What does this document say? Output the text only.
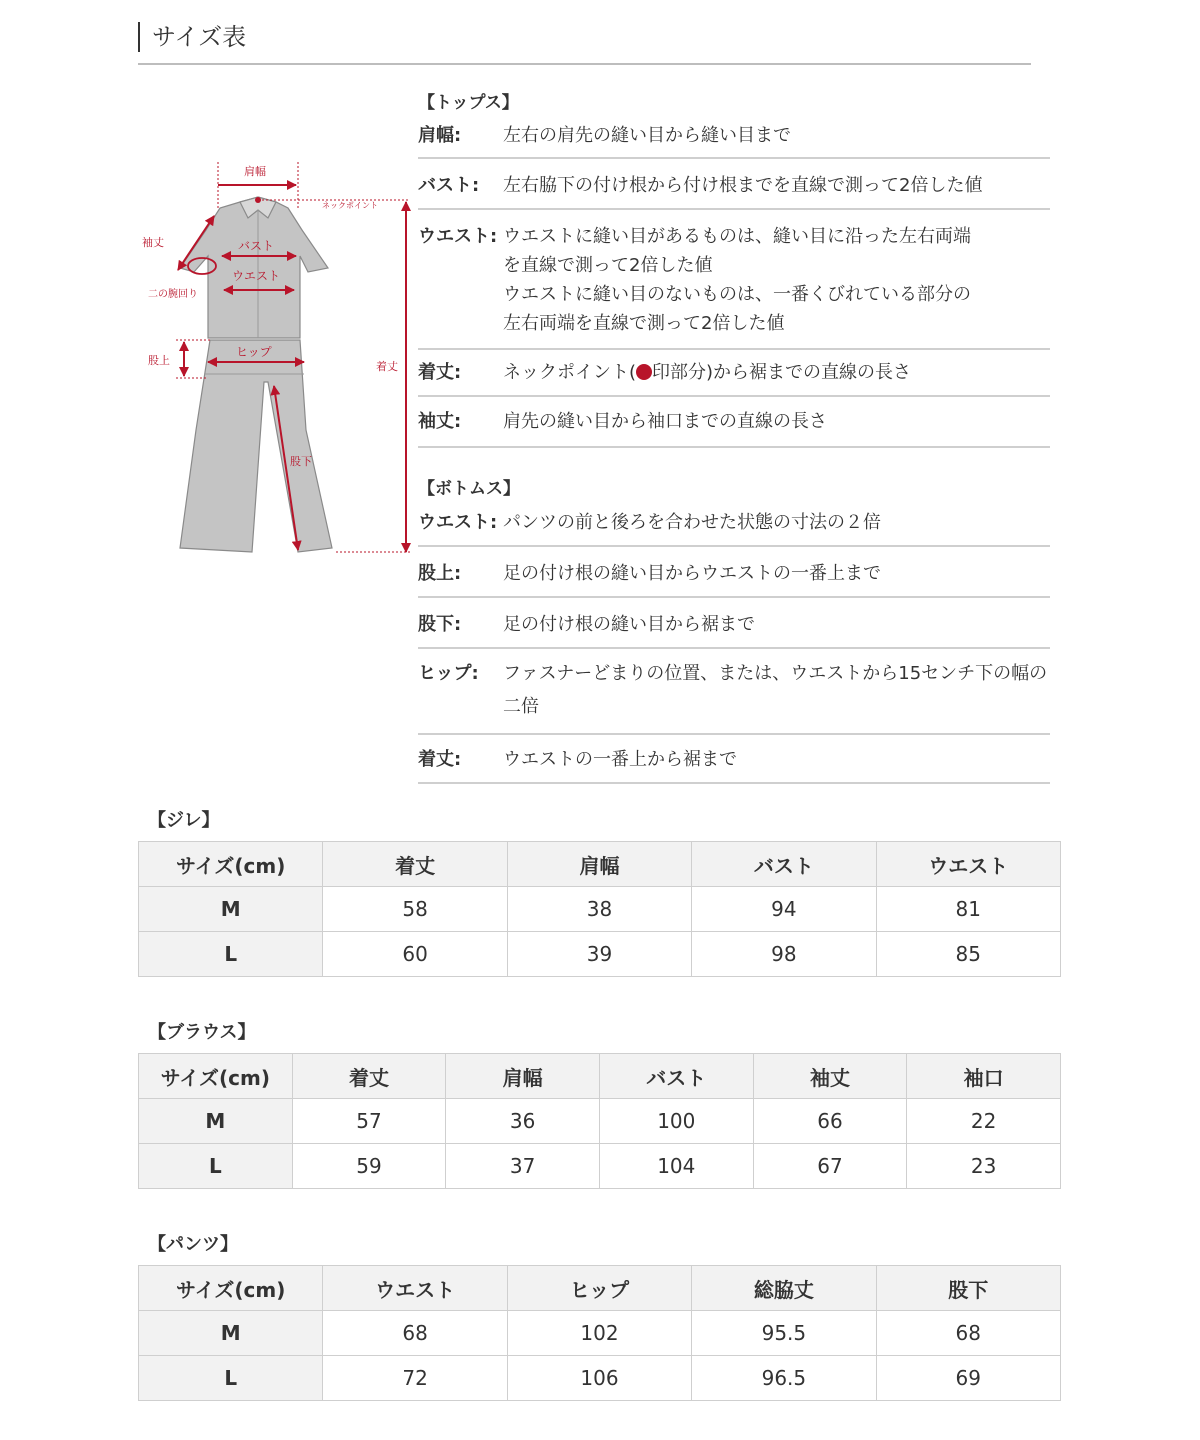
サイズ表
肩幅
ネックポイント
袖丈	バスト
二の腕回り
ウエスト
股上
ヒップ
着丈
股下
【トップス】
肩幅:	左右の肩先の縫い目から縫い目まで
バスト:	左右脇下の付け根から付け根までを直線で測って2倍した値
ウエスト: ウエストに縫い目があるものは、縫い目に沿った左右両端
を直線で測って2倍した値
ウエストに縫い目のないものは、一番くびれている部分の
左右両端を直線で測って2倍した値
着丈:	ネックポイント( 印部分)から裾までの直線の長さ
袖丈:	肩先の縫い目から袖口までの直線の長さ
【ボトムス】
ウエスト: パンツの前と後ろを合わせた状態の寸法の２倍
股上:	足の付け根の縫い目からウエストの一番上まで
股下:	足の付け根の縫い目から裾まで
ヒップ:	ファスナーどまりの位置、または、ウエストから15センチ下の幅の
二倍
着丈:	ウエストの一番上から裾まで
【ジレ】
サイズ(cm)	着丈	肩幅	バスト	ウエスト
M	58	38	94	81
L	60	39	98	85
【ブラウス】
サイズ(cm)	着丈	肩幅	バスト	袖丈	袖口
M	57	36	100	66	22
L	59	37	104	67	23
【パンツ】
サイズ(cm)	ウエスト	ヒップ	総脇丈	股下
M	68	102	95.5	68
L	72	106	96.5	69
